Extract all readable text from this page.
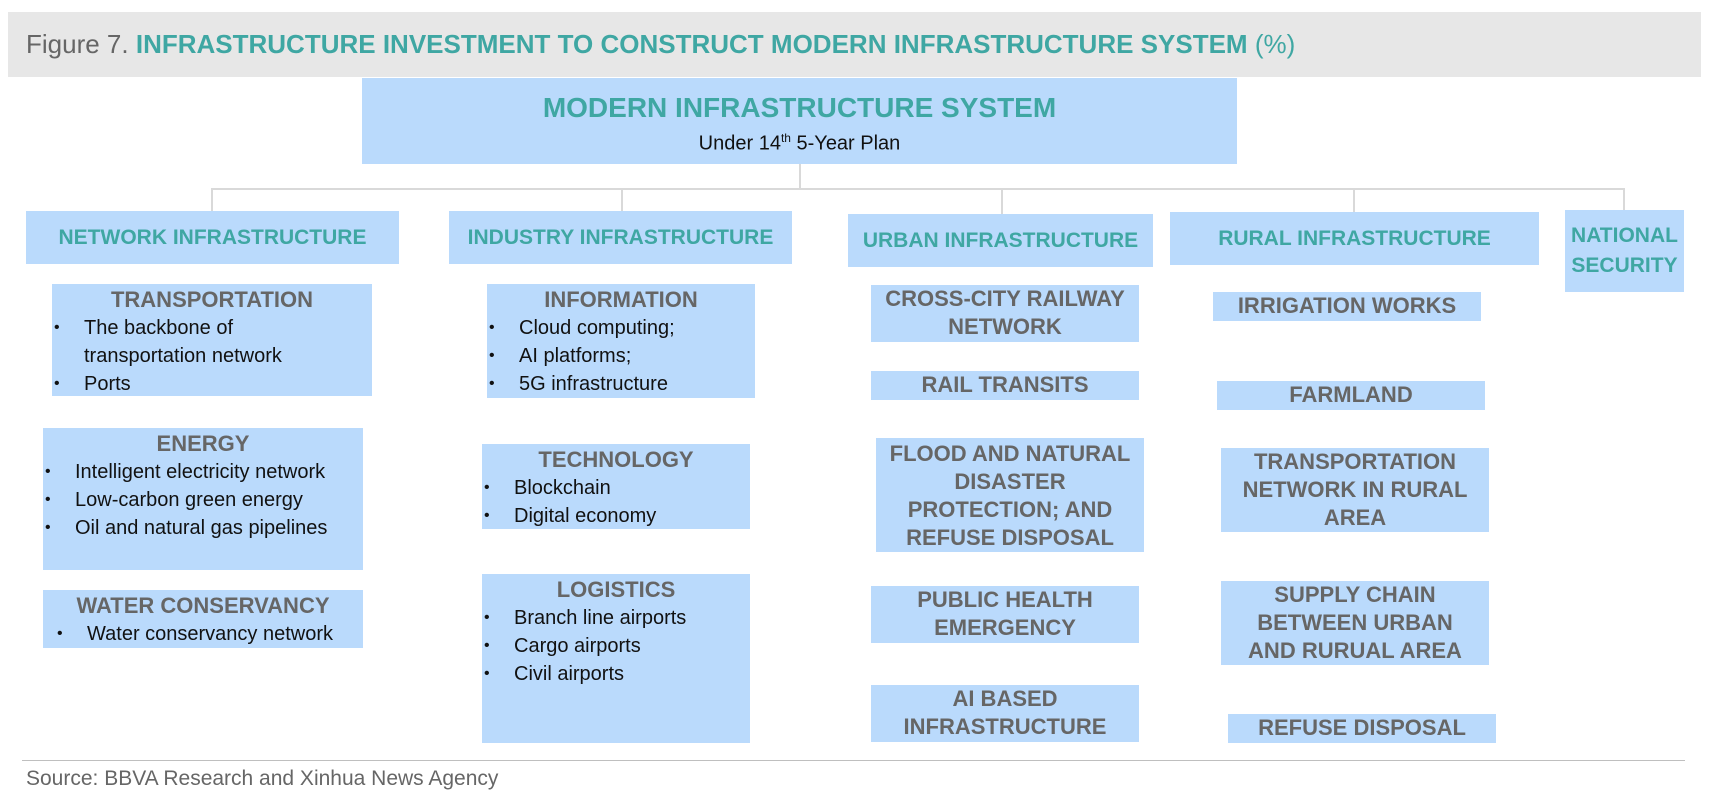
Figure 7. INFRASTRUCTURE INVESTMENT TO CONSTRUCT MODERN INFRASTRUCTURE SYSTEM (%)
MODERN INFRASTRUCTURE SYSTEM
Under 14th 5-Year Plan
NETWORK INFRASTRUCTURE	INDUSTRY INFRASTRUCTURE	URBAN INFRASTRUCTURE	RURAL INFRASTRUCTURE	NATIONAL SECURITY
TRANSPORTATION
• The backbone of transportation network
• Ports
ENERGY
• Intelligent electricity network
• Low-carbon green energy
• Oil and natural gas pipelines
WATER CONSERVANCY
• Water conservancy network
INFORMATION
• Cloud computing;
• AI platforms;
• 5G infrastructure
TECHNOLOGY
• Blockchain
• Digital economy
LOGISTICS
• Branch line airports
• Cargo airports
• Civil airports
CROSS-CITY RAILWAY NETWORK
RAIL TRANSITS
FLOOD AND NATURAL DISASTER PROTECTION; AND REFUSE DISPOSAL
PUBLIC HEALTH EMERGENCY
AI BASED INFRASTRUCTURE
IRRIGATION WORKS
FARMLAND
TRANSPORTATION NETWORK IN RURAL AREA
SUPPLY CHAIN BETWEEN URBAN AND RURUAL AREA
REFUSE DISPOSAL
Source: BBVA Research and Xinhua News Agency
